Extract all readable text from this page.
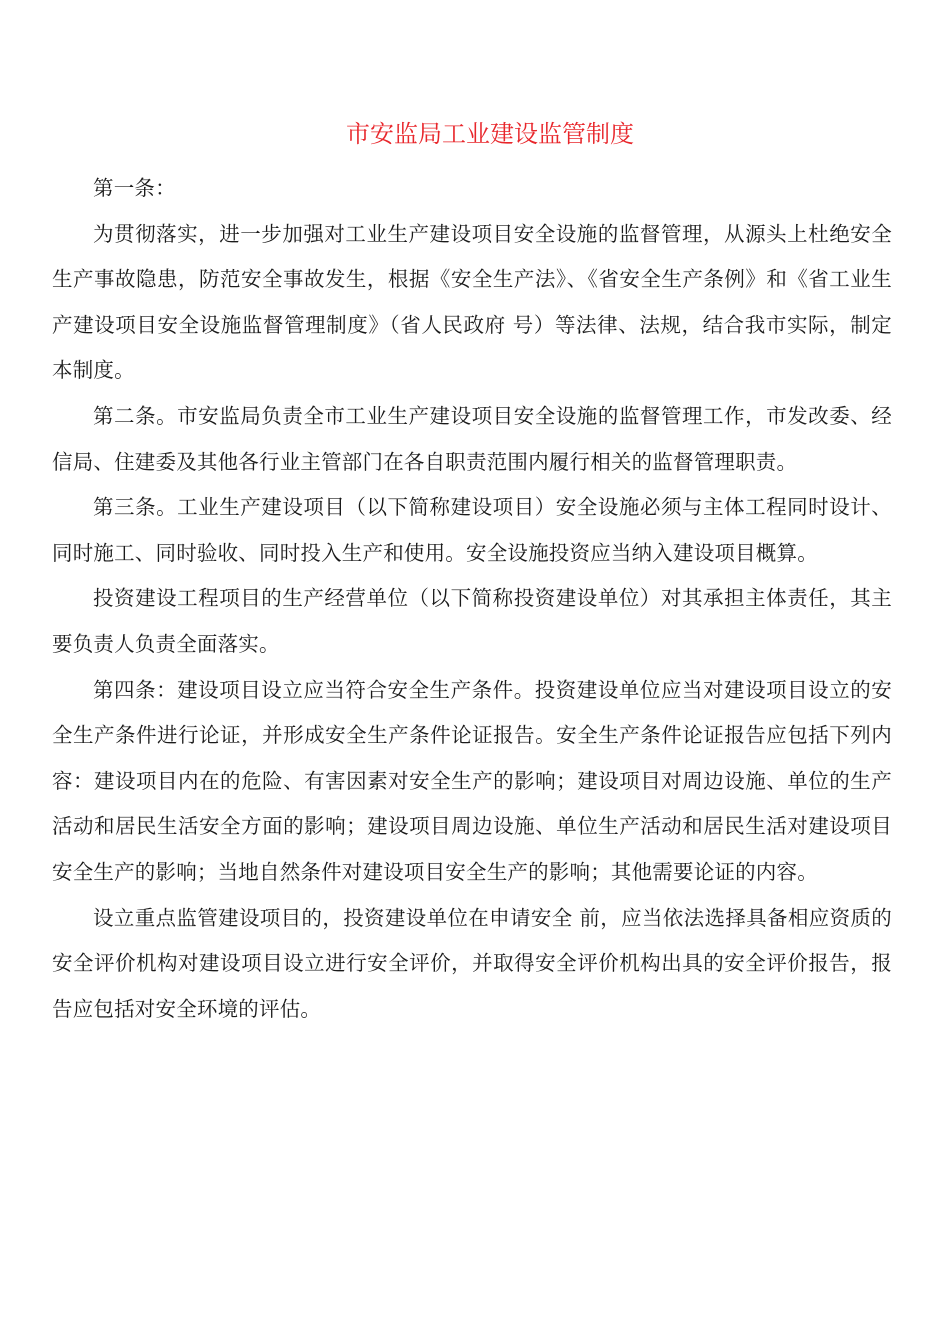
市安监局工业建设监管制度

第一条：

为贯彻落实，进一步加强对工业生产建设项目安全设施的监督管理，从源头上杜绝安全生产事故隐患，防范安全事故发生，根据《安全生产法》、《省安全生产条例》和《省工业生产建设项目安全设施监督管理制度》（省人民政府 号）等法律、法规，结合我市实际，制定本制度。

第二条。市安监局负责全市工业生产建设项目安全设施的监督管理工作，市发改委、经信局、住建委及其他各行业主管部门在各自职责范围内履行相关的监督管理职责。

第三条。工业生产建设项目（以下简称建设项目）安全设施必须与主体工程同时设计、同时施工、同时验收、同时投入生产和使用。安全设施投资应当纳入建设项目概算。

投资建设工程项目的生产经营单位（以下简称投资建设单位）对其承担主体责任，其主要负责人负责全面落实。

第四条：建设项目设立应当符合安全生产条件。投资建设单位应当对建设项目设立的安全生产条件进行论证，并形成安全生产条件论证报告。安全生产条件论证报告应包括下列内容：建设项目内在的危险、有害因素对安全生产的影响；建设项目对周边设施、单位的生产活动和居民生活安全方面的影响；建设项目周边设施、单位生产活动和居民生活对建设项目安全生产的影响；当地自然条件对建设项目安全生产的影响；其他需要论证的内容。

设立重点监管建设项目的，投资建设单位在申请安全 前，应当依法选择具备相应资质的安全评价机构对建设项目设立进行安全评价，并取得安全评价机构出具的安全评价报告，报告应包括对安全环境的评估。
